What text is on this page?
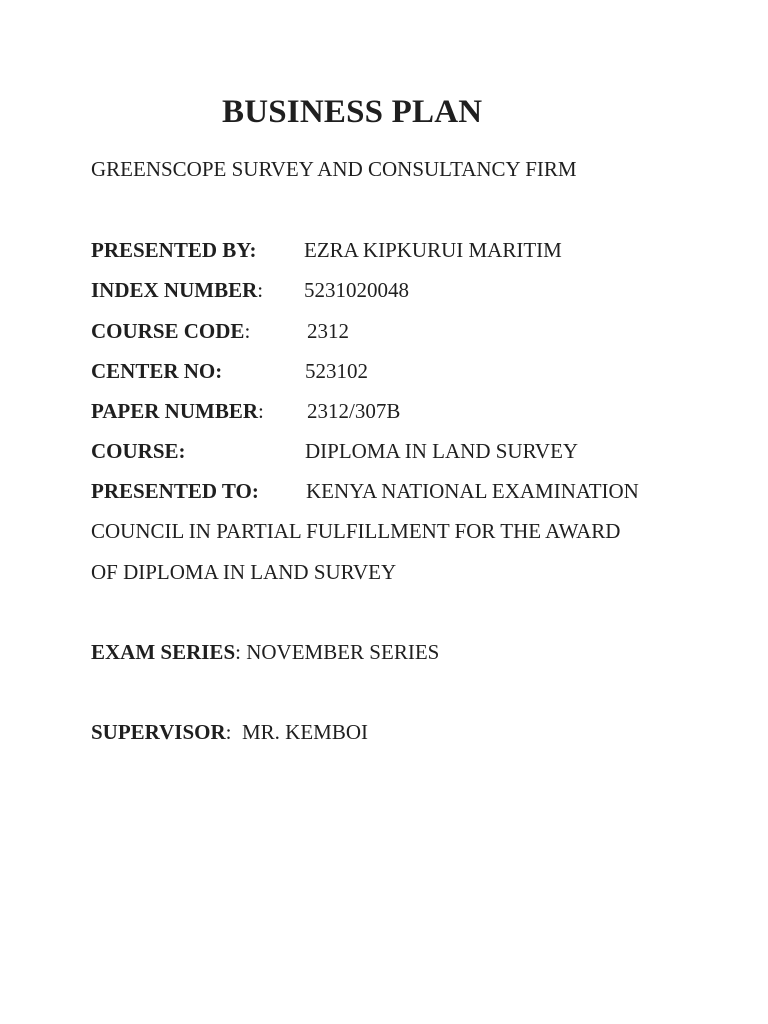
BUSINESS PLAN

GREENSCOPE SURVEY AND CONSULTANCY FIRM

PRESENTED BY: EZRA KIPKURUI MARITIM
INDEX NUMBER: 5231020048
COURSE CODE:	2312
CENTER NO:	523102
PAPER NUMBER: 2312/307B
COURSE:	DIPLOMA IN LAND SURVEY
PRESENTED TO: KENYA NATIONAL EXAMINATION
COUNCIL IN PARTIAL FULFILLMENT FOR THE AWARD
OF DIPLOMA IN LAND SURVEY
EXAM SERIES: NOVEMBER SERIES
SUPERVISOR:  MR. KEMBOI
